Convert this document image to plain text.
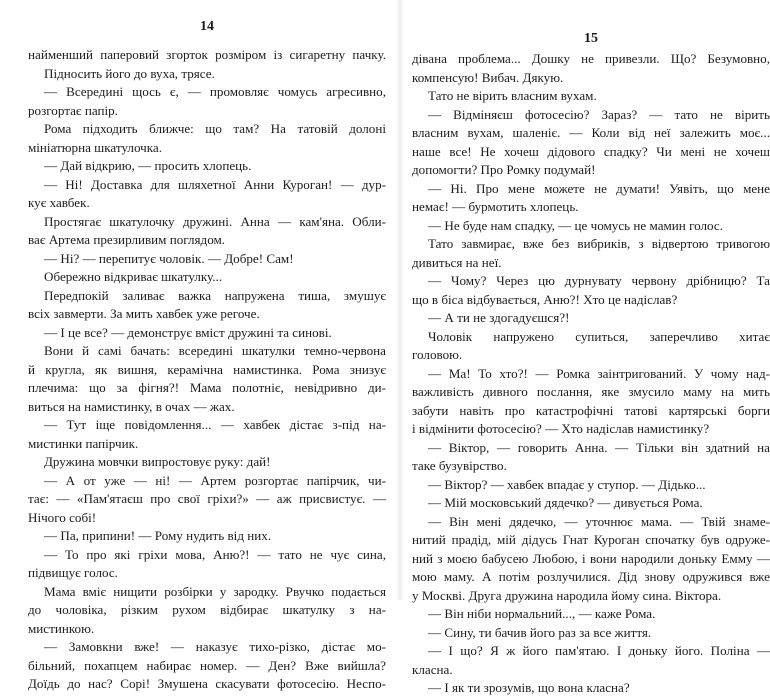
14
найменший паперовий згорток розміром із сигаретну пачку.
Підносить його до вуха, трясе.
— Всередині щось є, — промовляє чомусь агресивно,
розгортає папір.
Рома підходить ближче: що там? На татовій долоні
мініатюрна шкатулочка.
— Дай відкрию, — просить хлопець.
— Ні! Доставка для шляхетної Анни Куроган! — дур-
кує хавбек.
Простягає шкатулочку дружині. Анна — кам'яна. Обли-
ває Артема презирливим поглядом.
— Ні? — перепитує чоловік. — Добре! Сам!
Обережно відкриває шкатулку...
Передпокій заливає важка напружена тиша, змушує
всіх завмерти. За мить хавбек уже регоче.
— І це все? — демонструє вміст дружині та синові.
Вони й самі бачать: всередині шкатулки темно-червона
й кругла, як вишня, керамічна намистинка. Рома знизує
плечима: що за фігня?! Мама полотніє, невідривно ди-
виться на намистинку, в очах — жах.
— Тут іще повідомлення... — хавбек дістає з-під на-
мистинки папірчик.
Дружина мовчки випростовує руку: дай!
— А от уже — ні! — Артем розгортає папірчик, чи-
тає: — «Пам'ятаєш про свої гріхи?» — аж присвистує. —
Нічого собі!
— Па, припини! — Рому нудить від них.
— То про які гріхи мова, Аню?! — тато не чує сина,
підвищує голос.
Мама вміє нищити розбірки у зародку. Рвучко подається
до чоловіка, різким рухом відбирає шкатулку з на-
мистинкою.
— Замовкни вже! — наказує тихо-різко, дістає мо-
більний, похапцем набирає номер. — Ден? Вже вийшла?
Доїдь до нас? Сорі! Змушена скасувати фотосесію. Неспо-
15
дівана проблема... Дошку не привезли. Що? Безумовно,
компенсую! Вибач. Дякую.
Тато не вірить власним вухам.
— Відміняєш фотосесію? Зараз? — тато не вірить
власним вухам, шаленіє. — Коли від неї залежить моє...
наше все! Не хочеш дідового спадку? Чи мені не хочеш
допомогти? Про Ромку подумай!
— Ні. Про мене можете не думати! Уявіть, що мене
немає! — бурмотить хлопець.
— Не буде нам спадку, — це чомусь не мамин голос.
Тато завмирає, вже без вибриків, з відвертою тривогою
дивиться на неї.
— Чому? Через цю дурнувату червону дрібницю? Та
що в біса відбувається, Аню?! Хто це надіслав?
— А ти не здогадуєшся?!
Чоловік напружено супиться, заперечливо хитає
головою.
— Ма! То хто?! — Ромка заінтригований. У чому над-
важливість дивного послання, яке змусило маму на мить
забути навіть про катастрофічні татові картярські борги
і відмінити фотосесію? — Хто надіслав намистинку?
— Віктор, — говорить Анна. — Тільки він здатний на
таке бузувірство.
— Віктор? — хавбек впадає у ступор. — Дідько...
— Мій московський дядечко? — дивується Рома.
— Він мені дядечко, — уточнює мама. — Твій знаме-
нитий прадід, мій дідусь Гнат Куроган спочатку був одруже-
ний з моєю бабусею Любою, і вони народили доньку Емму —
мою маму. А потім розлучилися. Дід знову одружився вже
у Москві. Друга дружина народила йому сина. Віктора.
— Він ніби нормальний..., — каже Рома.
— Сину, ти бачив його раз за все життя.
— І що? Я ж його пам'ятаю. І доньку його. Поліна —
класна.
— І як ти зрозумів, що вона класна?
